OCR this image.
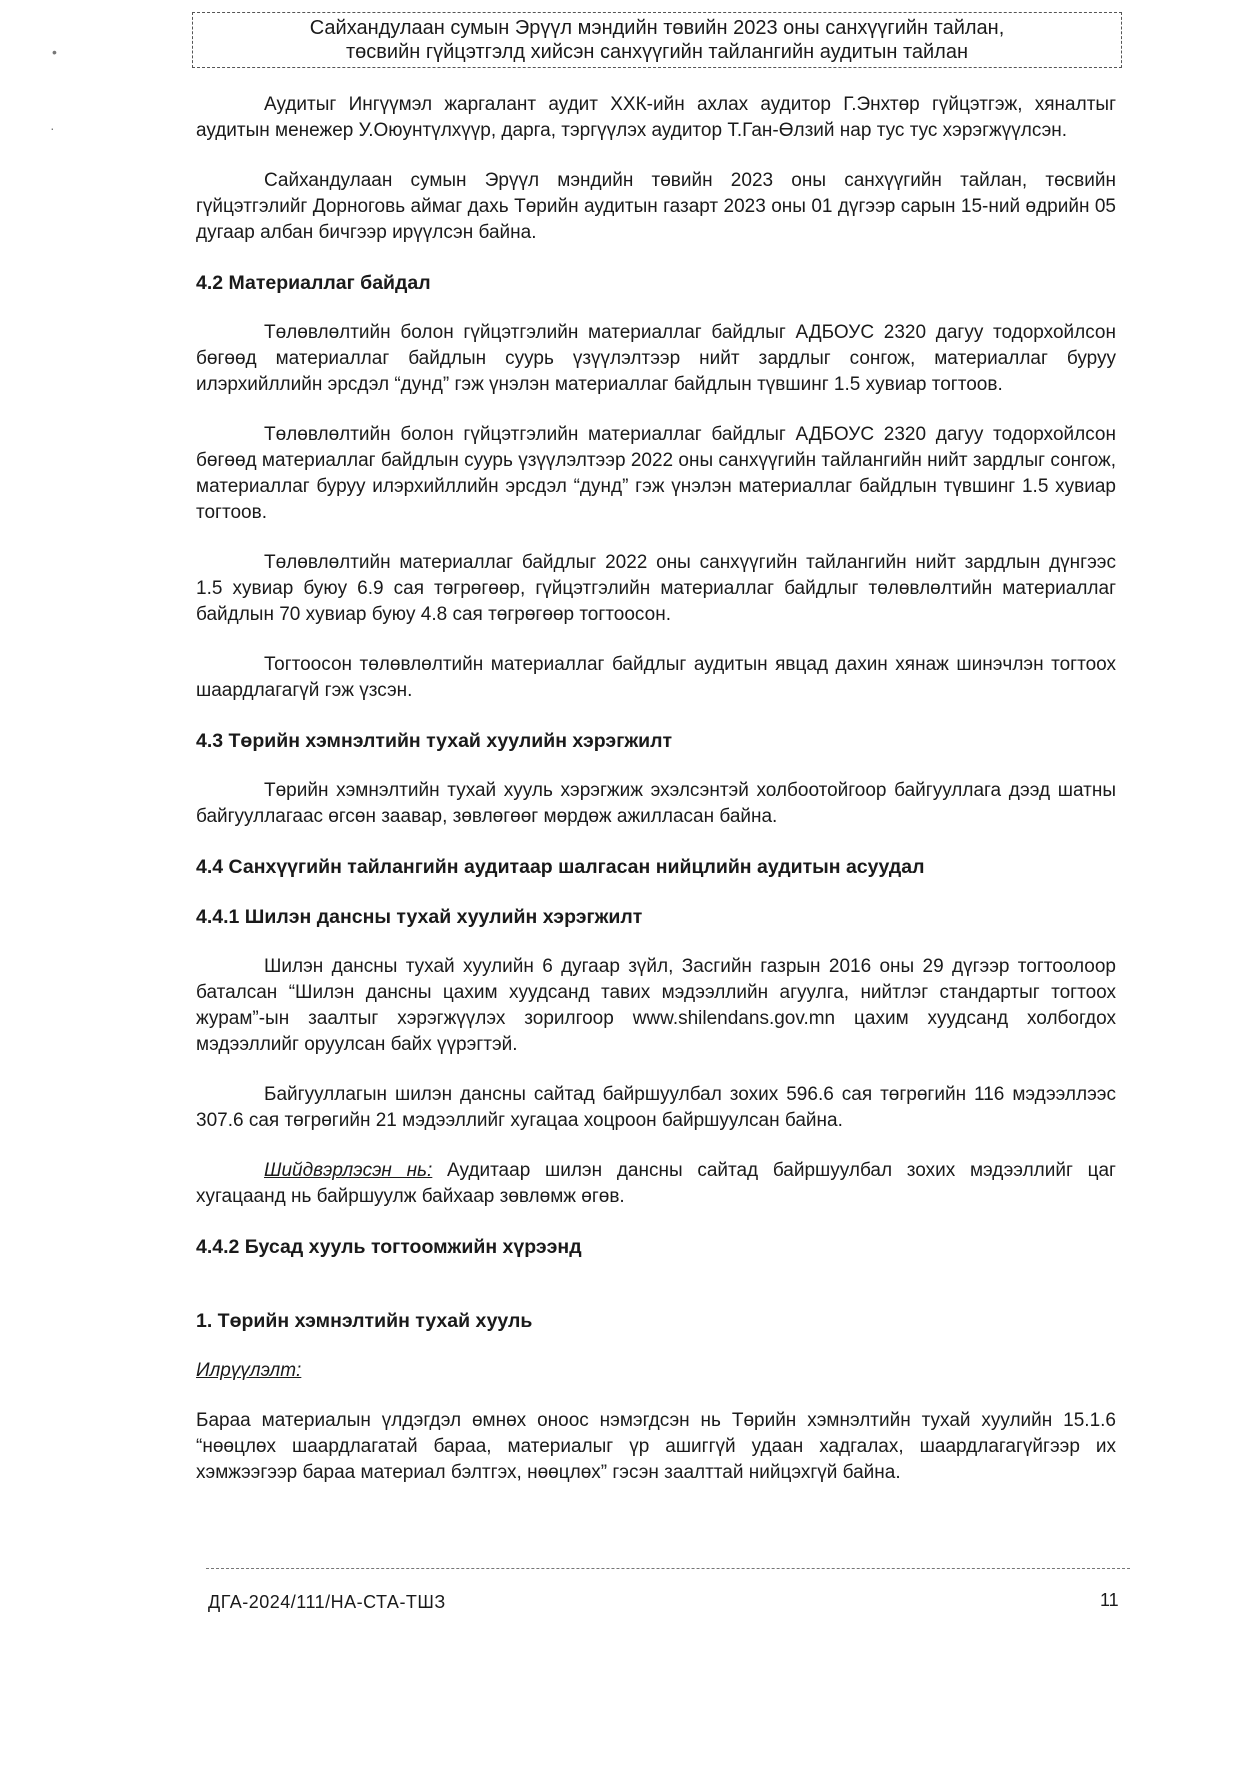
•
·
Сайхандулаан сумын Эрүүл мэндийн төвийн 2023 оны санхүүгийн тайлан,
төсвийн гүйцэтгэлд хийсэн санхүүгийн тайлангийн аудитын тайлан

Аудитыг Ингүүмэл жаргалант аудит ХХК-ийн ахлах аудитор Г.Энхтөр гүйцэтгэж, хяналтыг аудитын менежер У.Оюунтүлхүүр, дарга, тэргүүлэх аудитор Т.Ган-Өлзий нар тус тус хэрэгжүүлсэн.

Сайхандулаан сумын Эрүүл мэндийн төвийн 2023 оны санхүүгийн тайлан, төсвийн гүйцэтгэлийг Дорноговь аймаг дахь Төрийн аудитын газарт 2023 оны 01 дүгээр сарын 15-ний өдрийн 05 дугаар албан бичгээр ирүүлсэн байна.

4.2 Материаллаг байдал

Төлөвлөлтийн болон гүйцэтгэлийн материаллаг байдлыг АДБОУС 2320 дагуу тодорхойлсон бөгөөд материаллаг байдлын суурь үзүүлэлтээр нийт зардлыг сонгож, материаллаг буруу илэрхийллийн эрсдэл “дунд” гэж үнэлэн материаллаг байдлын түвшинг 1.5 хувиар тогтоов.

Төлөвлөлтийн болон гүйцэтгэлийн материаллаг байдлыг АДБОУС 2320 дагуу тодорхойлсон бөгөөд материаллаг байдлын суурь үзүүлэлтээр 2022 оны санхүүгийн тайлангийн нийт зардлыг сонгож, материаллаг буруу илэрхийллийн эрсдэл “дунд” гэж үнэлэн материаллаг байдлын түвшинг 1.5 хувиар тогтоов.

Төлөвлөлтийн материаллаг байдлыг 2022 оны санхүүгийн тайлангийн нийт зардлын дүнгээс 1.5 хувиар буюу 6.9 сая төгрөгөөр, гүйцэтгэлийн материаллаг байдлыг төлөвлөлтийн материаллаг байдлын 70 хувиар буюу 4.8 сая төгрөгөөр тогтоосон.

Тогтоосон төлөвлөлтийн материаллаг байдлыг аудитын явцад дахин хянаж шинэчлэн тогтоох шаардлагагүй гэж үзсэн.

4.3 Төрийн хэмнэлтийн тухай хуулийн хэрэгжилт

Төрийн хэмнэлтийн тухай хууль хэрэгжиж эхэлсэнтэй холбоотойгоор байгууллага дээд шатны байгууллагаас өгсөн заавар, зөвлөгөөг мөрдөж ажилласан байна.

4.4 Санхүүгийн тайлангийн аудитаар шалгасан нийцлийн аудитын асуудал
4.4.1 Шилэн дансны тухай хуулийн хэрэгжилт

Шилэн дансны тухай хуулийн 6 дугаар зүйл, Засгийн газрын 2016 оны 29 дүгээр тогтоолоор баталсан “Шилэн дансны цахим хуудсанд тавих мэдээллийн агуулга, нийтлэг стандартыг тогтоох журам”-ын заалтыг хэрэгжүүлэх зорилгоор www.shilendans.gov.mn цахим хуудсанд холбогдох мэдээллийг оруулсан байх үүрэгтэй.

Байгууллагын шилэн дансны сайтад байршуулбал зохих 596.6 сая төгрөгийн 116 мэдээллээс 307.6 сая төгрөгийн 21 мэдээллийг хугацаа хоцроон байршуулсан байна.

Шийдвэрлэсэн нь: Аудитаар шилэн дансны сайтад байршуулбал зохих мэдээллийг цаг хугацаанд нь байршуулж байхаар зөвлөмж өгөв.

4.4.2 Бусад хууль тогтоомжийн хүрээнд
1. Төрийн хэмнэлтийн тухай хууль
Илрүүлэлт:

Бараа материалын үлдэгдэл өмнөх оноос нэмэгдсэн нь Төрийн хэмнэлтийн тухай хуулийн 15.1.6 “нөөцлөх шаардлагатай бараа, материалыг үр ашиггүй удаан хадгалах, шаардлагагүйгээр их хэмжээгээр бараа материал бэлтгэх, нөөцлөх” гэсэн заалттай нийцэхгүй байна.

ДГА-2024/111/НА-СТА-ТШЗ	11
